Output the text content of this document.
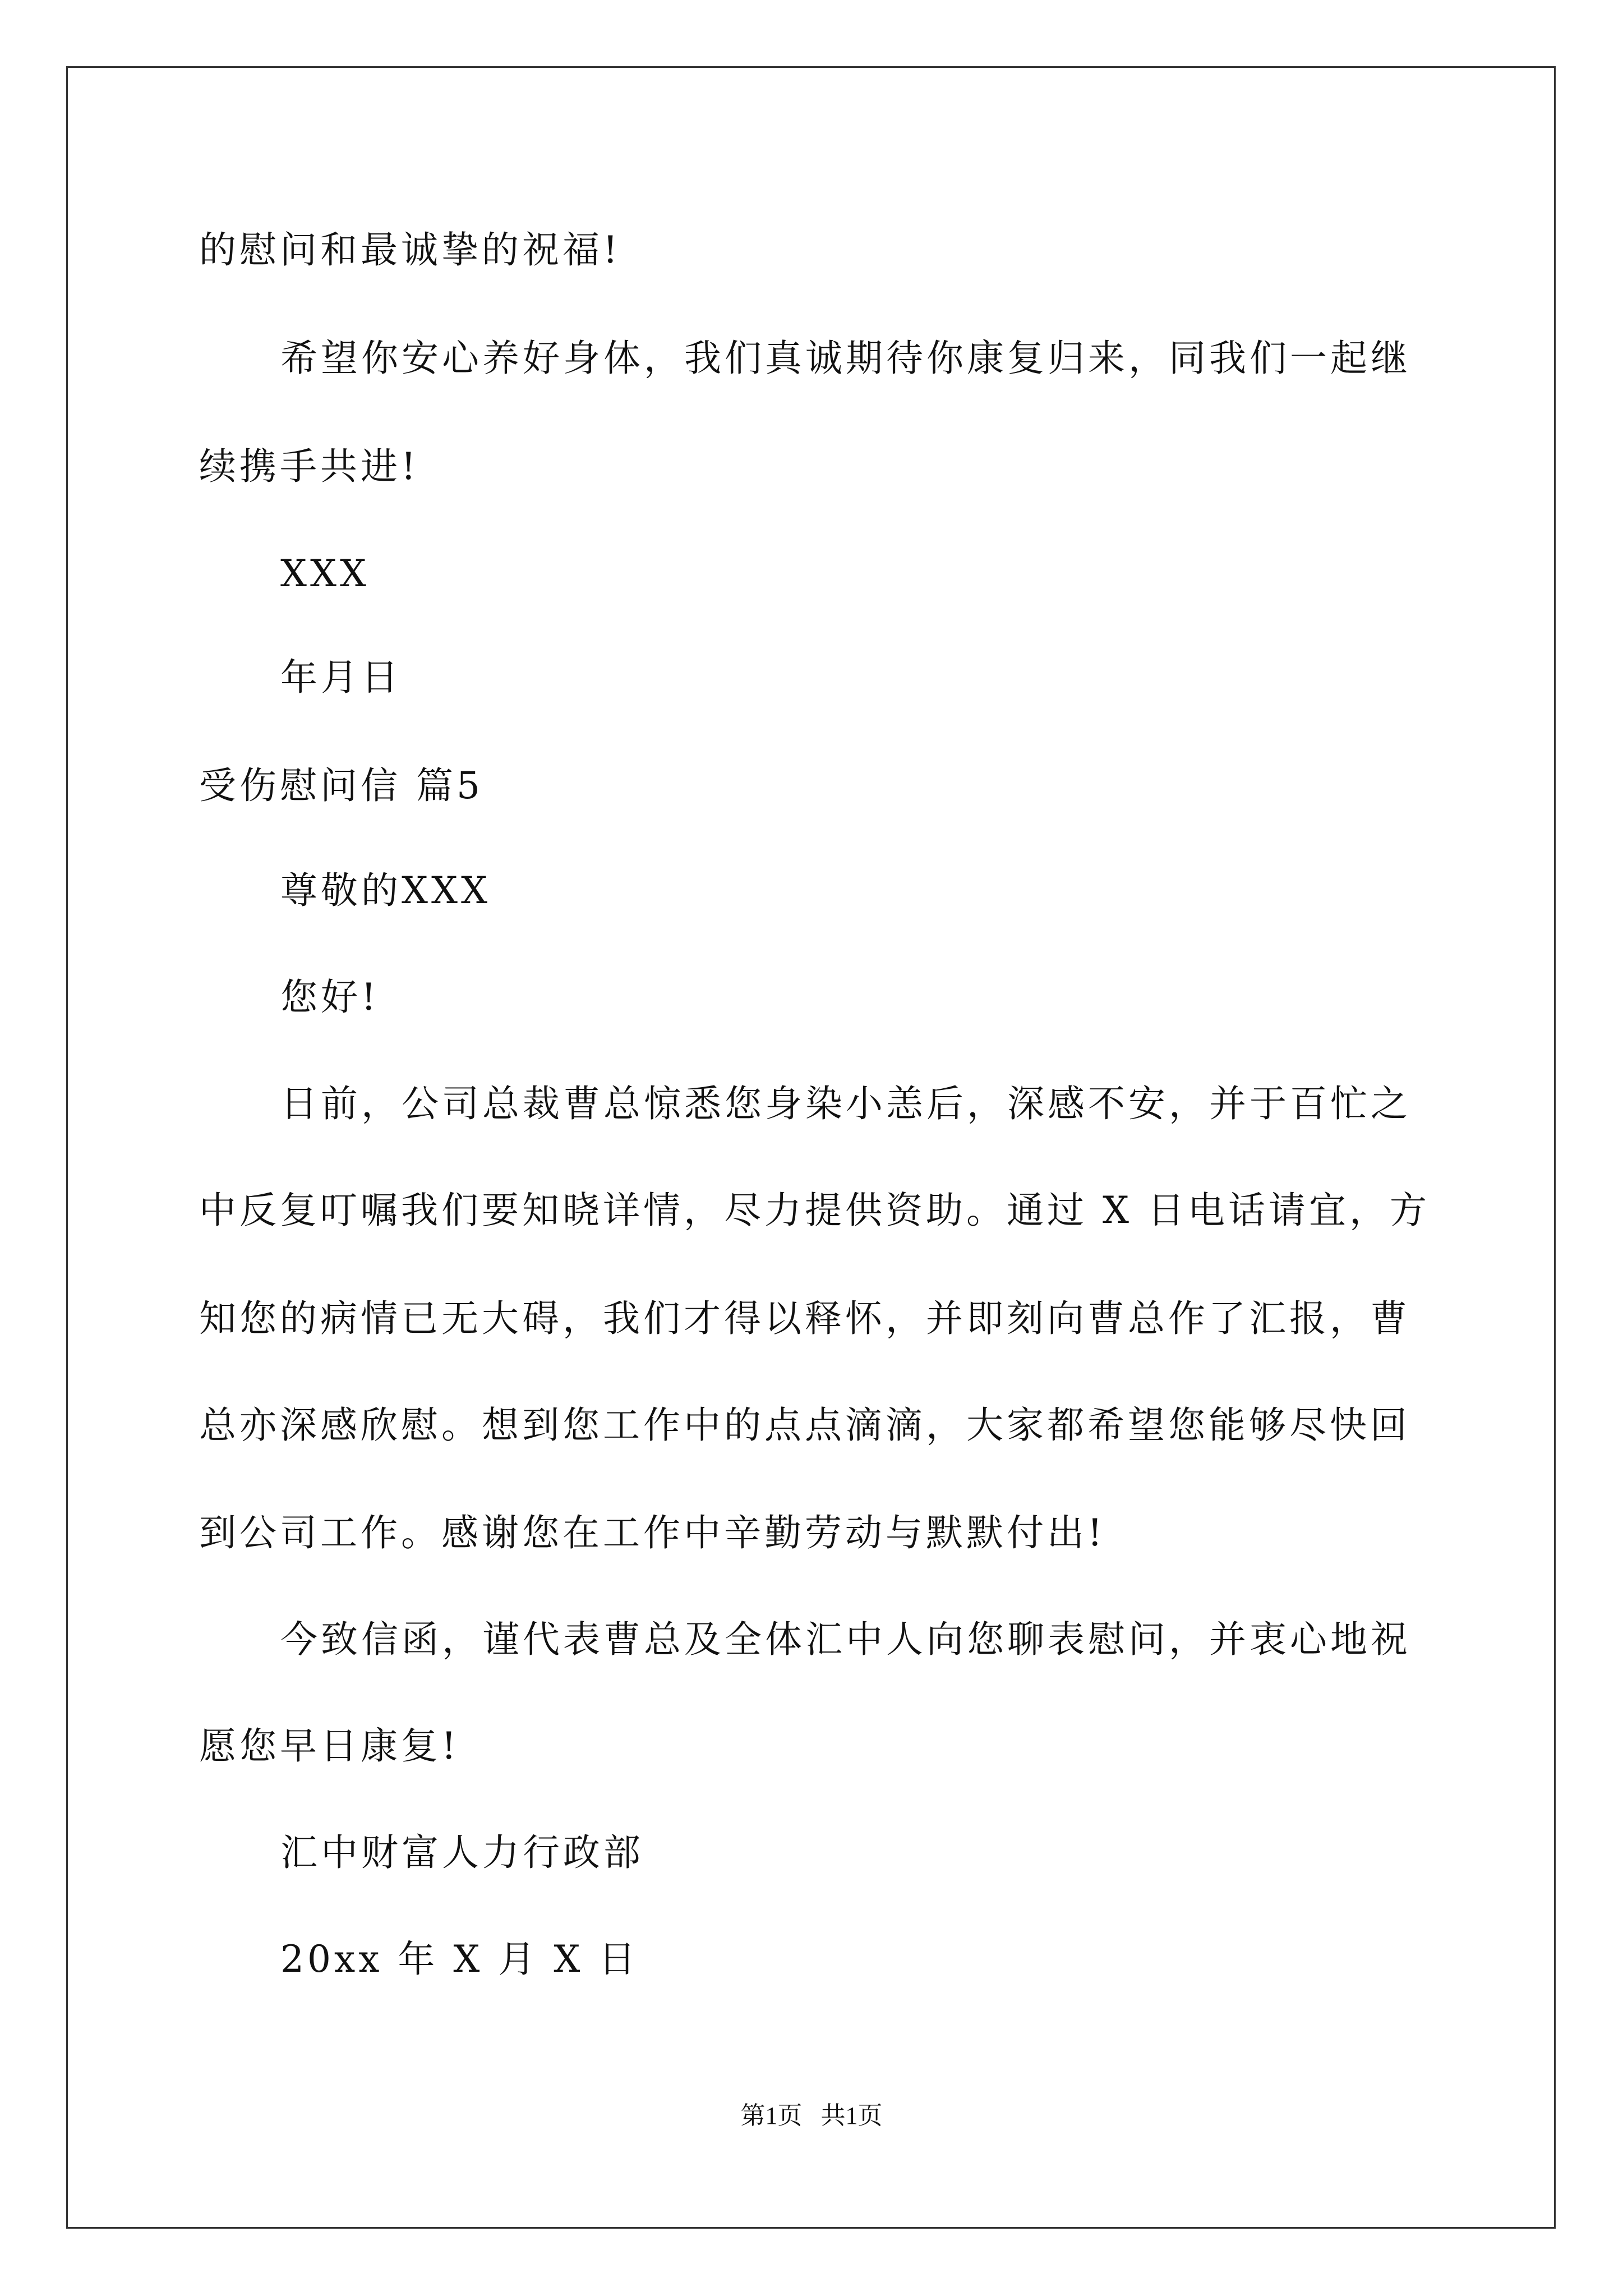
的慰问和最诚挚的祝福!
希望你安心养好身体，我们真诚期待你康复归来，同我们一起继
续携手共进!
XXX
年月日
受伤慰问信 篇5
尊敬的XXX
您好!
日前，公司总裁曹总惊悉您身染小恙后，深感不安，并于百忙之
中反复叮嘱我们要知晓详情，尽力提供资助。通过 X 日电话请宜，方
知您的病情已无大碍，我们才得以释怀，并即刻向曹总作了汇报，曹
总亦深感欣慰。想到您工作中的点点滴滴，大家都希望您能够尽快回
到公司工作。感谢您在工作中辛勤劳动与默默付出!
今致信函，谨代表曹总及全体汇中人向您聊表慰问，并衷心地祝
愿您早日康复!
汇中财富人力行政部
20xx 年 X 月 X 日
第1页   共1页
